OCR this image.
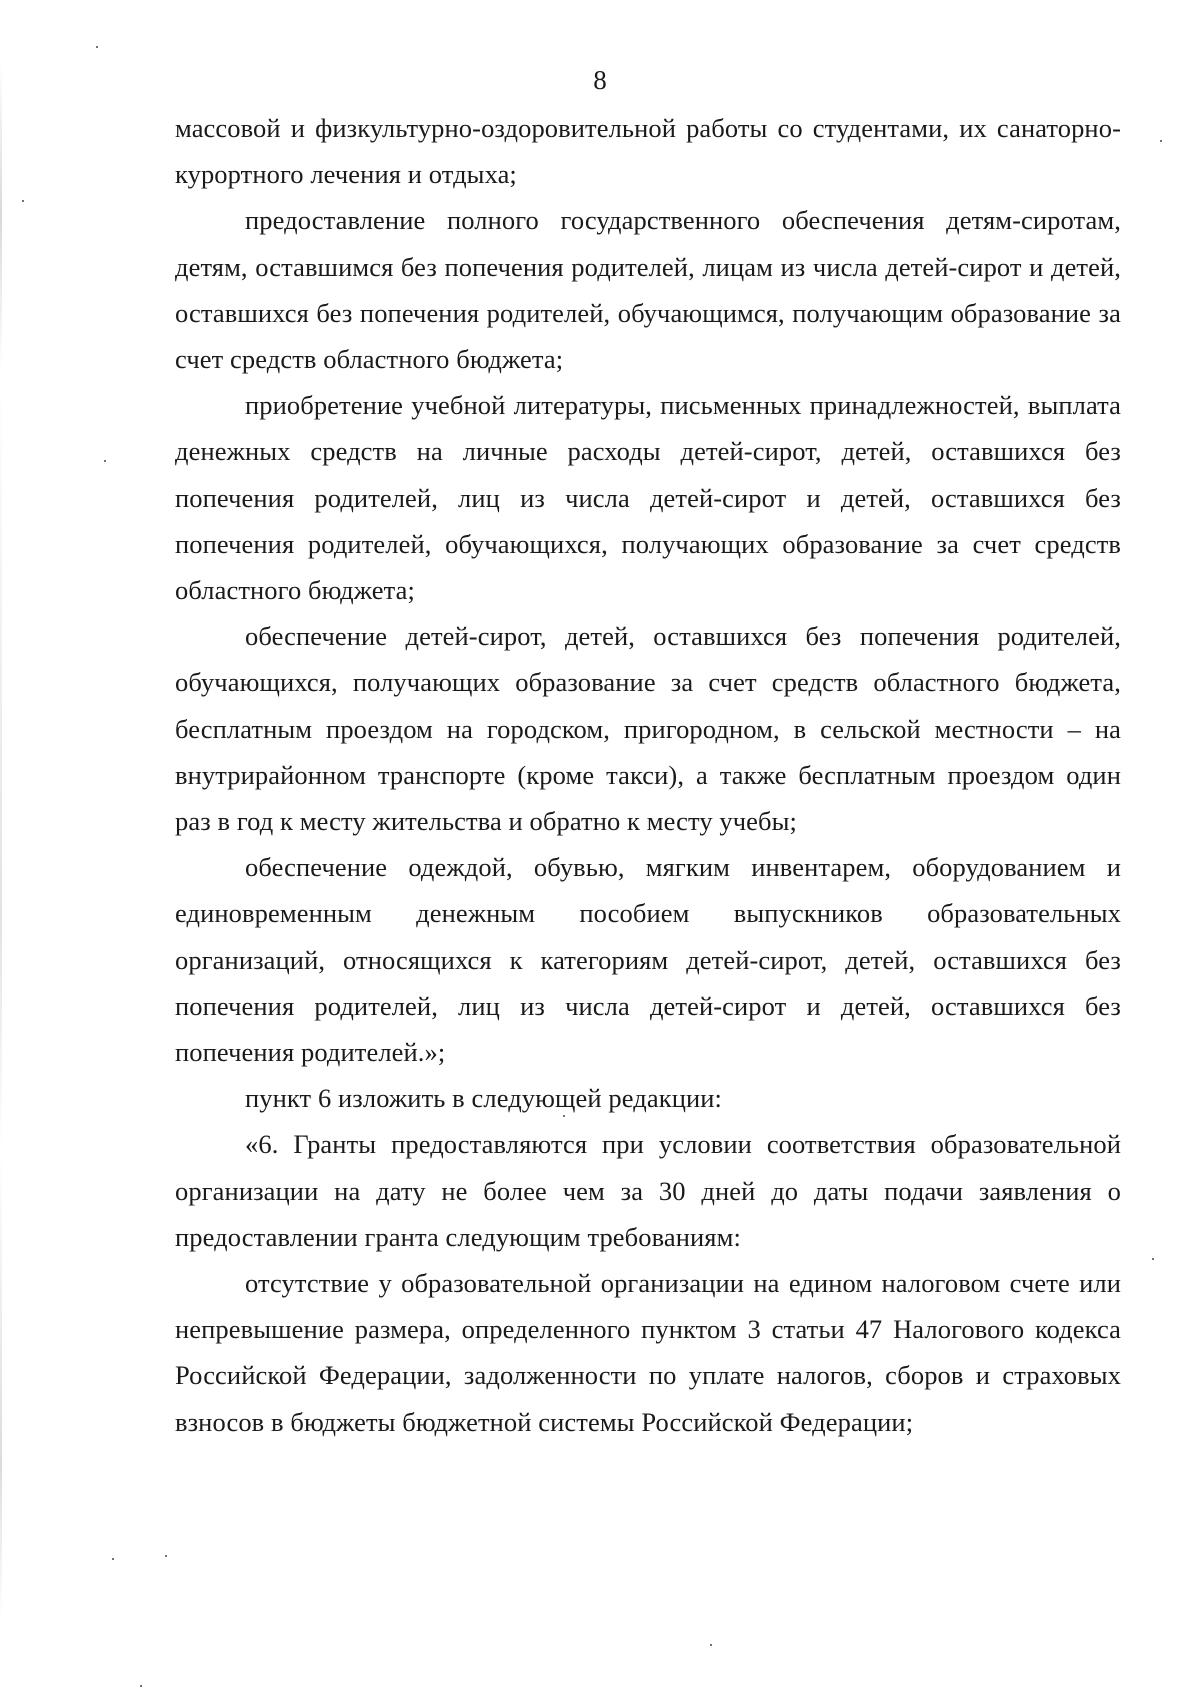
8

массовой и физкультурно-оздоровительной работы со студентами, их санаторно-курортного лечения и отдыха;

предоставление полного государственного обеспечения детям-сиротам, детям, оставшимся без попечения родителей, лицам из числа детей-сирот и детей, оставшихся без попечения родителей, обучающимся, получающим образование за счет средств областного бюджета;

приобретение учебной литературы, письменных принадлежностей, выплата денежных средств на личные расходы детей-сирот, детей, оставшихся без попечения родителей, лиц из числа детей-сирот и детей, оставшихся без попечения родителей, обучающихся, получающих образование за счет средств областного бюджета;

обеспечение детей-сирот, детей, оставшихся без попечения родителей, обучающихся, получающих образование за счет средств областного бюджета, бесплатным проездом на городском, пригородном, в сельской местности – на внутрирайонном транспорте (кроме такси), а также бесплатным проездом один раз в год к месту жительства и обратно к месту учебы;

обеспечение одеждой, обувью, мягким инвентарем, оборудованием и единовременным денежным пособием выпускников образовательных организаций, относящихся к категориям детей-сирот, детей, оставшихся без попечения родителей, лиц из числа детей-сирот и детей, оставшихся без попечения родителей.»;

пункт 6 изложить в следующей редакции:

«6. Гранты предоставляются при условии соответствия образовательной организации на дату не более чем за 30 дней до даты подачи заявления о предоставлении гранта следующим требованиям:

отсутствие у образовательной организации на едином налоговом счете или непревышение размера, определенного пунктом 3 статьи 47 Налогового кодекса Российской Федерации, задолженности по уплате налогов, сборов и страховых взносов в бюджеты бюджетной системы Российской Федерации;
